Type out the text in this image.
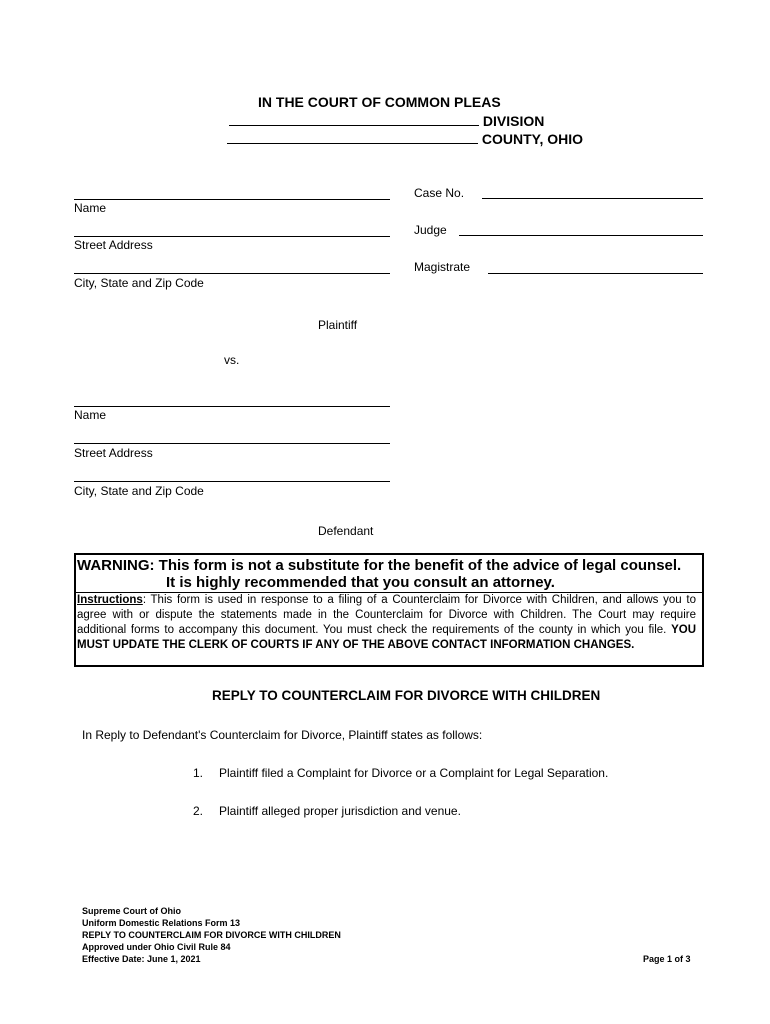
IN THE COURT OF COMMON PLEAS
DIVISION
COUNTY, OHIO
Name
Street Address
City, State and Zip Code
Plaintiff
Case No.
Judge
Magistrate
vs.
Name
Street Address
City, State and Zip Code
Defendant
WARNING: This form is not a substitute for the benefit of the advice of legal counsel.
It is highly recommended that you consult an attorney.
Instructions: This form is used in response to a filing of a Counterclaim for Divorce with Children, and allows you to agree with or dispute the statements made in the Counterclaim for Divorce with Children. The Court may require additional forms to accompany this document. You must check the requirements of the county in which you file. YOU MUST UPDATE THE CLERK OF COURTS IF ANY OF THE ABOVE CONTACT INFORMATION CHANGES.
REPLY TO COUNTERCLAIM FOR DIVORCE WITH CHILDREN
In Reply to Defendant's Counterclaim for Divorce, Plaintiff states as follows:
1. Plaintiff filed a Complaint for Divorce or a Complaint for Legal Separation.
2. Plaintiff alleged proper jurisdiction and venue.
Supreme Court of Ohio
Uniform Domestic Relations Form 13
REPLY TO COUNTERCLAIM FOR DIVORCE WITH CHILDREN
Approved under Ohio Civil Rule 84
Effective Date: June 1, 2021	Page 1 of 3
